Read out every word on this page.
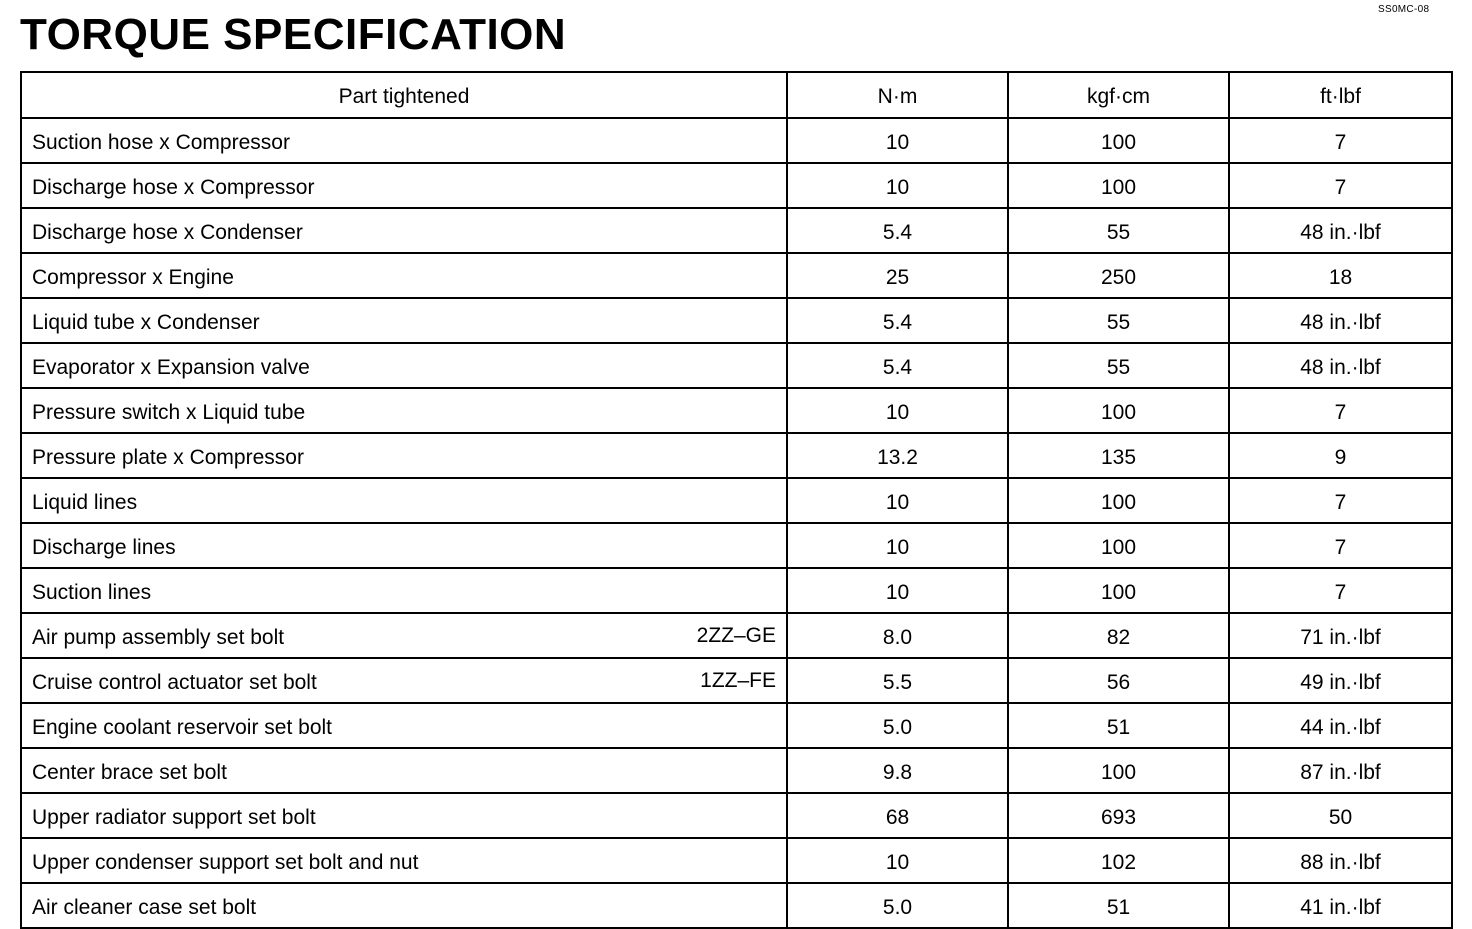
SS0MC-08
TORQUE SPECIFICATION
Part tightened	N·m	kgf·cm	ft·lbf
Suction hose x Compressor	10	100	7
Discharge hose x Compressor	10	100	7
Discharge hose x Condenser	5.4	55	48 in.·lbf
Compressor x Engine	25	250	18
Liquid tube x Condenser	5.4	55	48 in.·lbf
Evaporator x Expansion valve	5.4	55	48 in.·lbf
Pressure switch x Liquid tube	10	100	7
Pressure plate x Compressor	13.2	135	9
Liquid lines	10	100	7
Discharge lines	10	100	7
Suction lines	10	100	7
Air pump assembly set bolt 2ZZ–GE	8.0	82	71 in.·lbf
Cruise control actuator set bolt 1ZZ–FE	5.5	56	49 in.·lbf
Engine coolant reservoir set bolt	5.0	51	44 in.·lbf
Center brace set bolt	9.8	100	87 in.·lbf
Upper radiator support set bolt	68	693	50
Upper condenser support set bolt and nut	10	102	88 in.·lbf
Air cleaner case set bolt	5.0	51	41 in.·lbf
